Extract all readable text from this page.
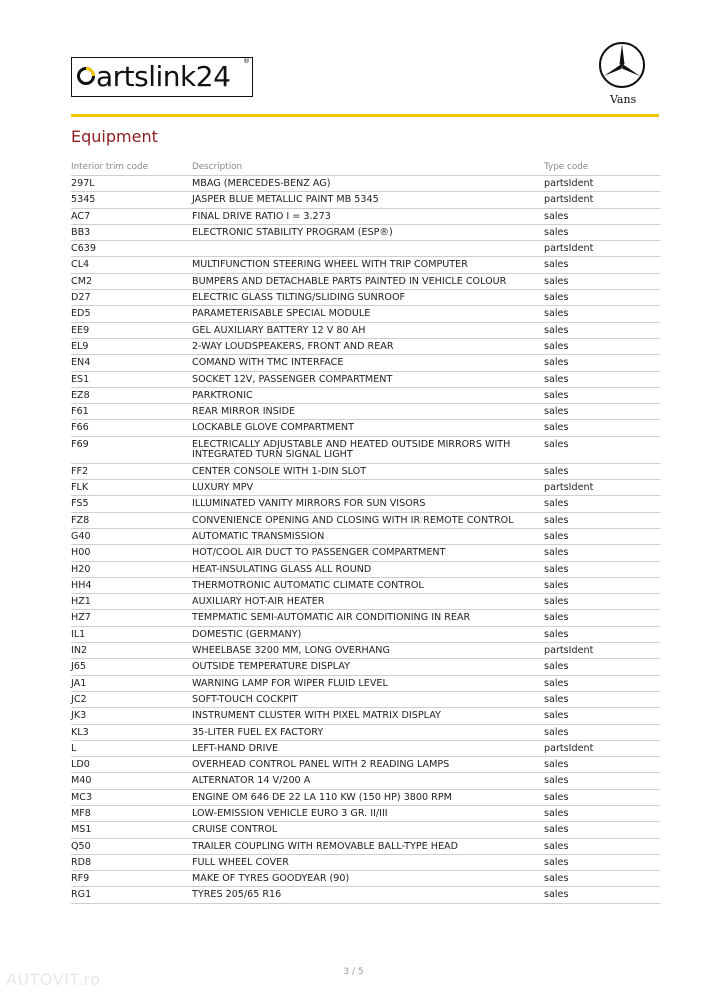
artslink24 ®
Vans
Equipment
Interior trim code	Description	Type code
297L	MBAG (MERCEDES-BENZ AG)	partsIdent
5345	JASPER BLUE METALLIC PAINT MB 5345	partsIdent
AC7	FINAL DRIVE RATIO I = 3.273	sales
BB3	ELECTRONIC STABILITY PROGRAM (ESP®)	sales
C639		partsIdent
CL4	MULTIFUNCTION STEERING WHEEL WITH TRIP COMPUTER	sales
CM2	BUMPERS AND DETACHABLE PARTS PAINTED IN VEHICLE COLOUR	sales
D27	ELECTRIC GLASS TILTING/SLIDING SUNROOF	sales
ED5	PARAMETERISABLE SPECIAL MODULE	sales
EE9	GEL AUXILIARY BATTERY 12 V 80 AH	sales
EL9	2-WAY LOUDSPEAKERS, FRONT AND REAR	sales
EN4	COMAND WITH TMC INTERFACE	sales
ES1	SOCKET 12V, PASSENGER COMPARTMENT	sales
EZ8	PARKTRONIC	sales
F61	REAR MIRROR INSIDE	sales
F66	LOCKABLE GLOVE COMPARTMENT	sales
F69	ELECTRICALLY ADJUSTABLE AND HEATED OUTSIDE MIRRORS WITH INTEGRATED TURN SIGNAL LIGHT	sales
FF2	CENTER CONSOLE WITH 1-DIN SLOT	sales
FLK	LUXURY MPV	partsIdent
FS5	ILLUMINATED VANITY MIRRORS FOR SUN VISORS	sales
FZ8	CONVENIENCE OPENING AND CLOSING WITH IR REMOTE CONTROL	sales
G40	AUTOMATIC TRANSMISSION	sales
H00	HOT/COOL AIR DUCT TO PASSENGER COMPARTMENT	sales
H20	HEAT-INSULATING GLASS ALL ROUND	sales
HH4	THERMOTRONIC AUTOMATIC CLIMATE CONTROL	sales
HZ1	AUXILIARY HOT-AIR HEATER	sales
HZ7	TEMPMATIC SEMI-AUTOMATIC AIR CONDITIONING IN REAR	sales
IL1	DOMESTIC (GERMANY)	sales
IN2	WHEELBASE 3200 MM, LONG OVERHANG	partsIdent
J65	OUTSIDE TEMPERATURE DISPLAY	sales
JA1	WARNING LAMP FOR WIPER FLUID LEVEL	sales
JC2	SOFT-TOUCH COCKPIT	sales
JK3	INSTRUMENT CLUSTER WITH PIXEL MATRIX DISPLAY	sales
KL3	35-LITER FUEL EX FACTORY	sales
L	LEFT-HAND DRIVE	partsIdent
LD0	OVERHEAD CONTROL PANEL WITH 2 READING LAMPS	sales
M40	ALTERNATOR 14 V/200 A	sales
MC3	ENGINE OM 646 DE 22 LA 110 KW (150 HP) 3800 RPM	sales
MF8	LOW-EMISSION VEHICLE EURO 3 GR. II/III	sales
MS1	CRUISE CONTROL	sales
Q50	TRAILER COUPLING WITH REMOVABLE BALL-TYPE HEAD	sales
RD8	FULL WHEEL COVER	sales
RF9	MAKE OF TYRES GOODYEAR (90)	sales
RG1	TYRES 205/65 R16	sales
3 / 5
AUTOVIT.ro
